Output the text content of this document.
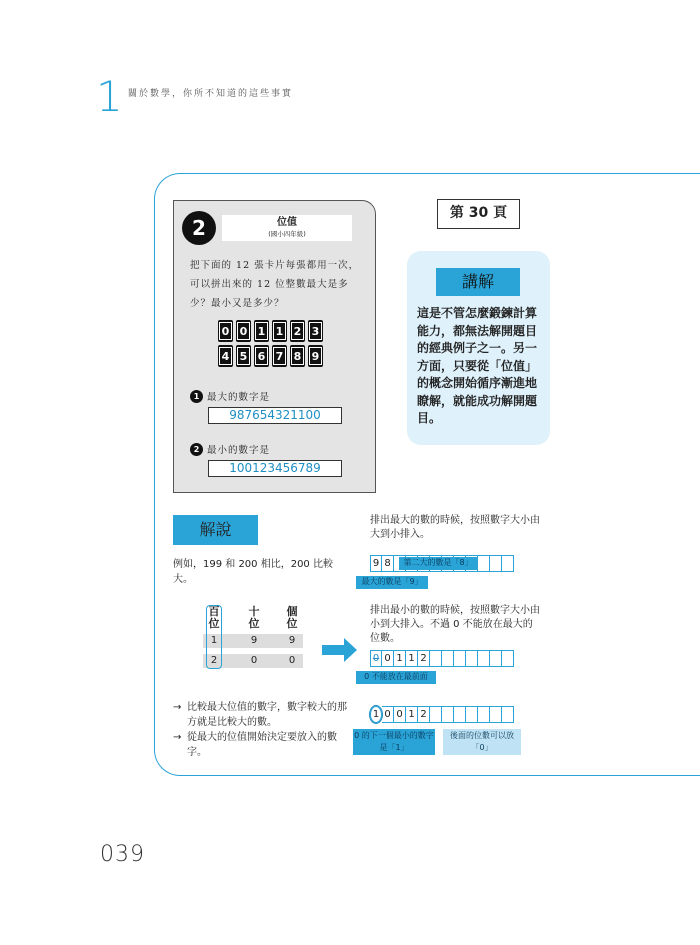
1 關於數學，你所不知道的這些事實
2	位值
(國小四年級)
把下面的 12 張卡片每張都用一次，可以拼出來的 12 位整數最大是多少？最小又是多少？
0 0 1 1 2 3
4 5 6 7 8 9
1 最大的數字是
987654321100
2 最小的數字是
100123456789
第 30 頁
講解
這是不管怎麼鍛鍊計算能力，都無法解開題目的經典例子之一。另一方面，只要從「位值」的概念開始循序漸進地瞭解，就能成功解開題目。
解說
例如，199 和 200 相比，200 比較大。
百
位
十
位
個
位
1	9	9
2	0	0
→ 比較最大位值的數字，數字較大的那方就是比較大的數。
→ 從最大的位值開始決定要放入的數字。
排出最大的數的時候，按照數字大小由大到小排入。
9 8	第二大的數是「8」
最大的數是「9」
排出最小的數的時候，按照數字大小由小到大排入。不過 0 不能放在最大的位數。
0 0 1 1 2
0 不能放在最前面
1 0 0 1 2
0 的下一個最小的數字是「1」
後面的位數可以放「0」
039
